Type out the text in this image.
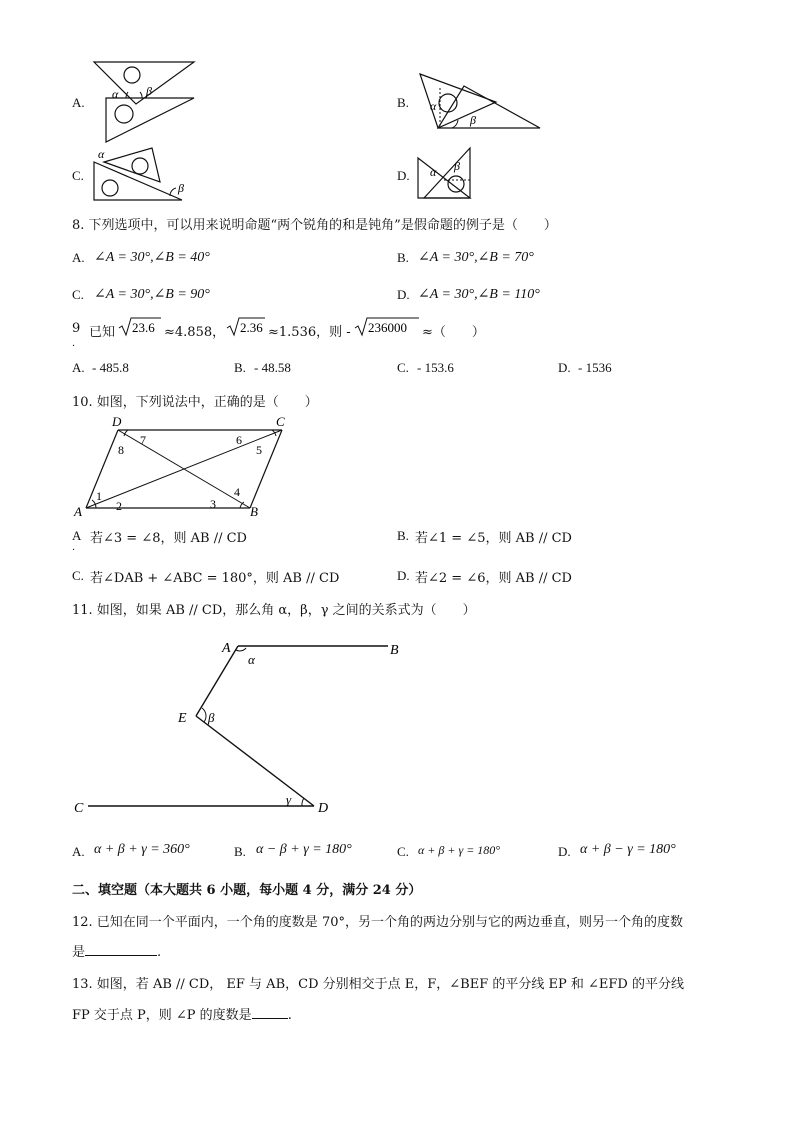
A.
α β
B. α
β
C.
α
β
D. α β
8. 下列选项中，可以用来说明命题“两个锐角的和是钝角”是假命题的例子是（　　）
A. ∠A = 30°,∠B = 40°	B. ∠A = 30°,∠B = 70°
C. ∠A = 30°,∠B = 90°	D. ∠A = 30°,∠B = 110°
9 已知 23.6 ≈4.858， 2.36 ≈1.536，则 - 236000 ≈（　　）
．
A. - 485.8	B. - 48.58	C. - 153.6	D. - 1536
10. 如图，下列说法中，正确的是（　　）
D	C
A	B
1
2	3
4
5
6
7
8
A
．
若∠3 = ∠8，则 AB // CD	B. 若∠1 = ∠5，则 AB // CD
C. 若∠DAB + ∠ABC = 180°，则 AB // CD	D. 若∠2 = ∠6，则 AB // CD
11. 如图，如果 AB // CD，那么角 α，β，γ 之间的关系式为（　　）
A	B
C	D
E
α
β
γ
A. α + β + γ = 360°	B. α − β + γ = 180°	C. α + β + γ = 180°	D. α + β − γ = 180°
二、填空题（本大题共 6 小题，每小题 4 分，满分 24 分）
12. 已知在同一个平面内，一个角的度数是 70°，另一个角的两边分别与它的两边垂直，则另一个角的度数
是	.
13. 如图，若 AB // CD， EF 与 AB，CD 分别相交于点 E，F，∠BEF 的平分线 EP 和 ∠EFD 的平分线
FP 交于点 P，则 ∠P 的度数是	.
